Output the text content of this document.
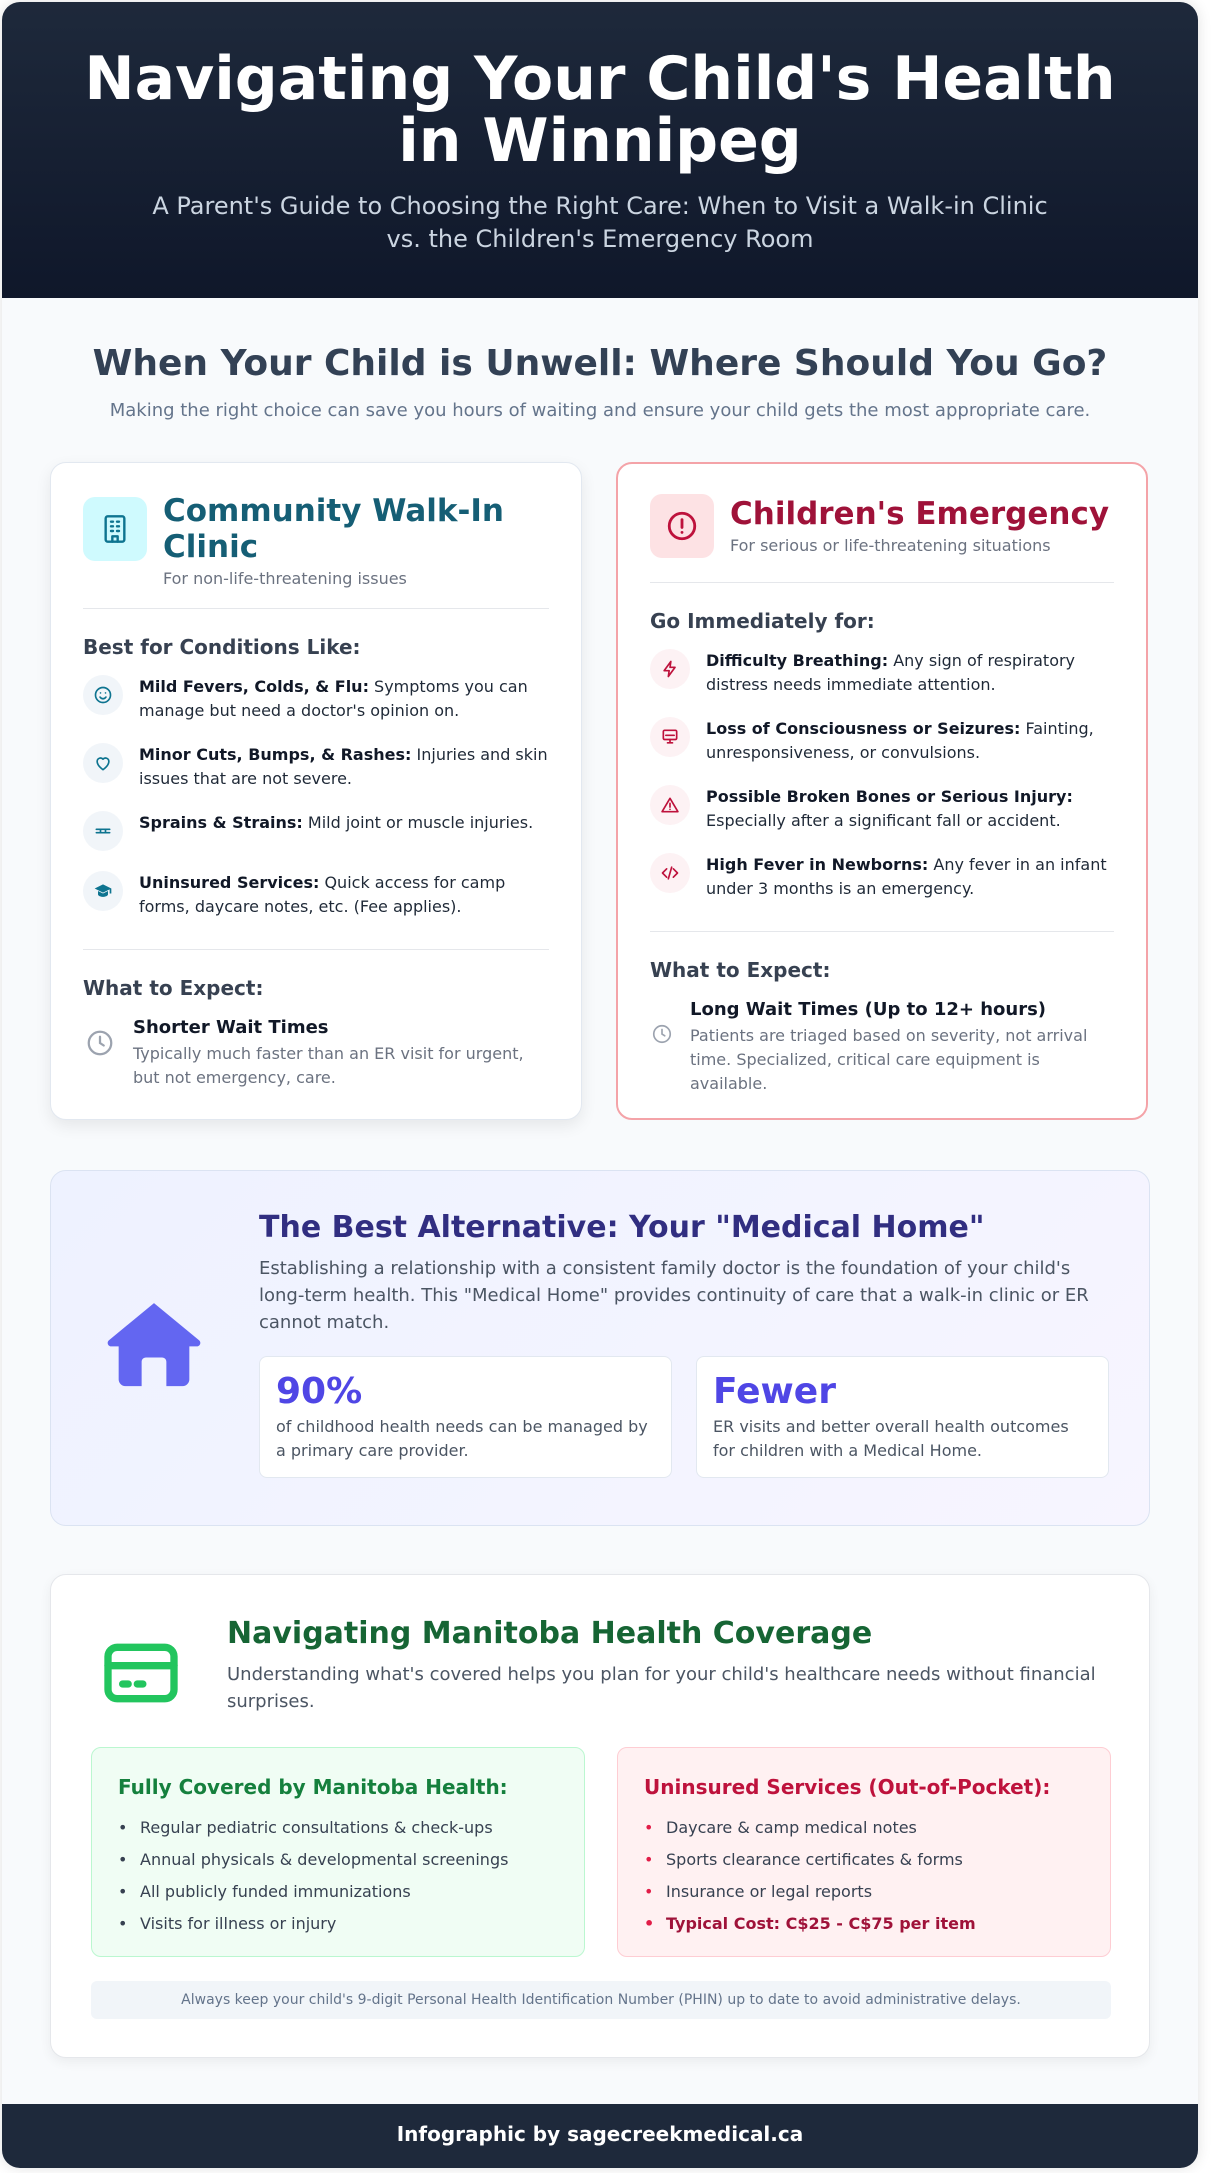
Navigating Your Child's Health in Winnipeg

A Parent's Guide to Choosing the Right Care: When to Visit a Walk-in Clinic vs. the Children's Emergency Room

When Your Child is Unwell: Where Should You Go?

Making the right choice can save you hours of waiting and ensure your child gets the most appropriate care.

Community Walk-In Clinic
For non-life-threatening issues
Best for Conditions Like:
Mild Fevers, Colds, & Flu: Symptoms you can manage but need a doctor's opinion on.
Minor Cuts, Bumps, & Rashes: Injuries and skin issues that are not severe.
Sprains & Strains: Mild joint or muscle injuries.
Uninsured Services: Quick access for camp forms, daycare notes, etc. (Fee applies).
What to Expect:
Shorter Wait Times
Typically much faster than an ER visit for urgent, but not emergency, care.
Children's Emergency
For serious or life-threatening situations
Go Immediately for:
Difficulty Breathing: Any sign of respiratory distress needs immediate attention.
Loss of Consciousness or Seizures: Fainting, unresponsiveness, or convulsions.
Possible Broken Bones or Serious Injury: Especially after a significant fall or accident.
High Fever in Newborns: Any fever in an infant under 3 months is an emergency.
What to Expect:
Long Wait Times (Up to 12+ hours)
Patients are triaged based on severity, not arrival time. Specialized, critical care equipment is available.
The Best Alternative: Your "Medical Home"
Establishing a relationship with a consistent family doctor is the foundation of your child's long-term health. This "Medical Home" provides continuity of care that a walk-in clinic or ER cannot match.
90%
of childhood health needs can be managed by a primary care provider.
Fewer
ER visits and better overall health outcomes for children with a Medical Home.
Navigating Manitoba Health Coverage
Understanding what's covered helps you plan for your child's healthcare needs without financial surprises.
Fully Covered by Manitoba Health:
• Regular pediatric consultations & check-ups
• Annual physicals & developmental screenings
• All publicly funded immunizations
• Visits for illness or injury
Uninsured Services (Out-of-Pocket):
• Daycare & camp medical notes
• Sports clearance certificates & forms
• Insurance or legal reports
• Typical Cost: C$25 - C$75 per item
Always keep your child's 9-digit Personal Health Identification Number (PHIN) up to date to avoid administrative delays.
Infographic by sagecreekmedical.ca
